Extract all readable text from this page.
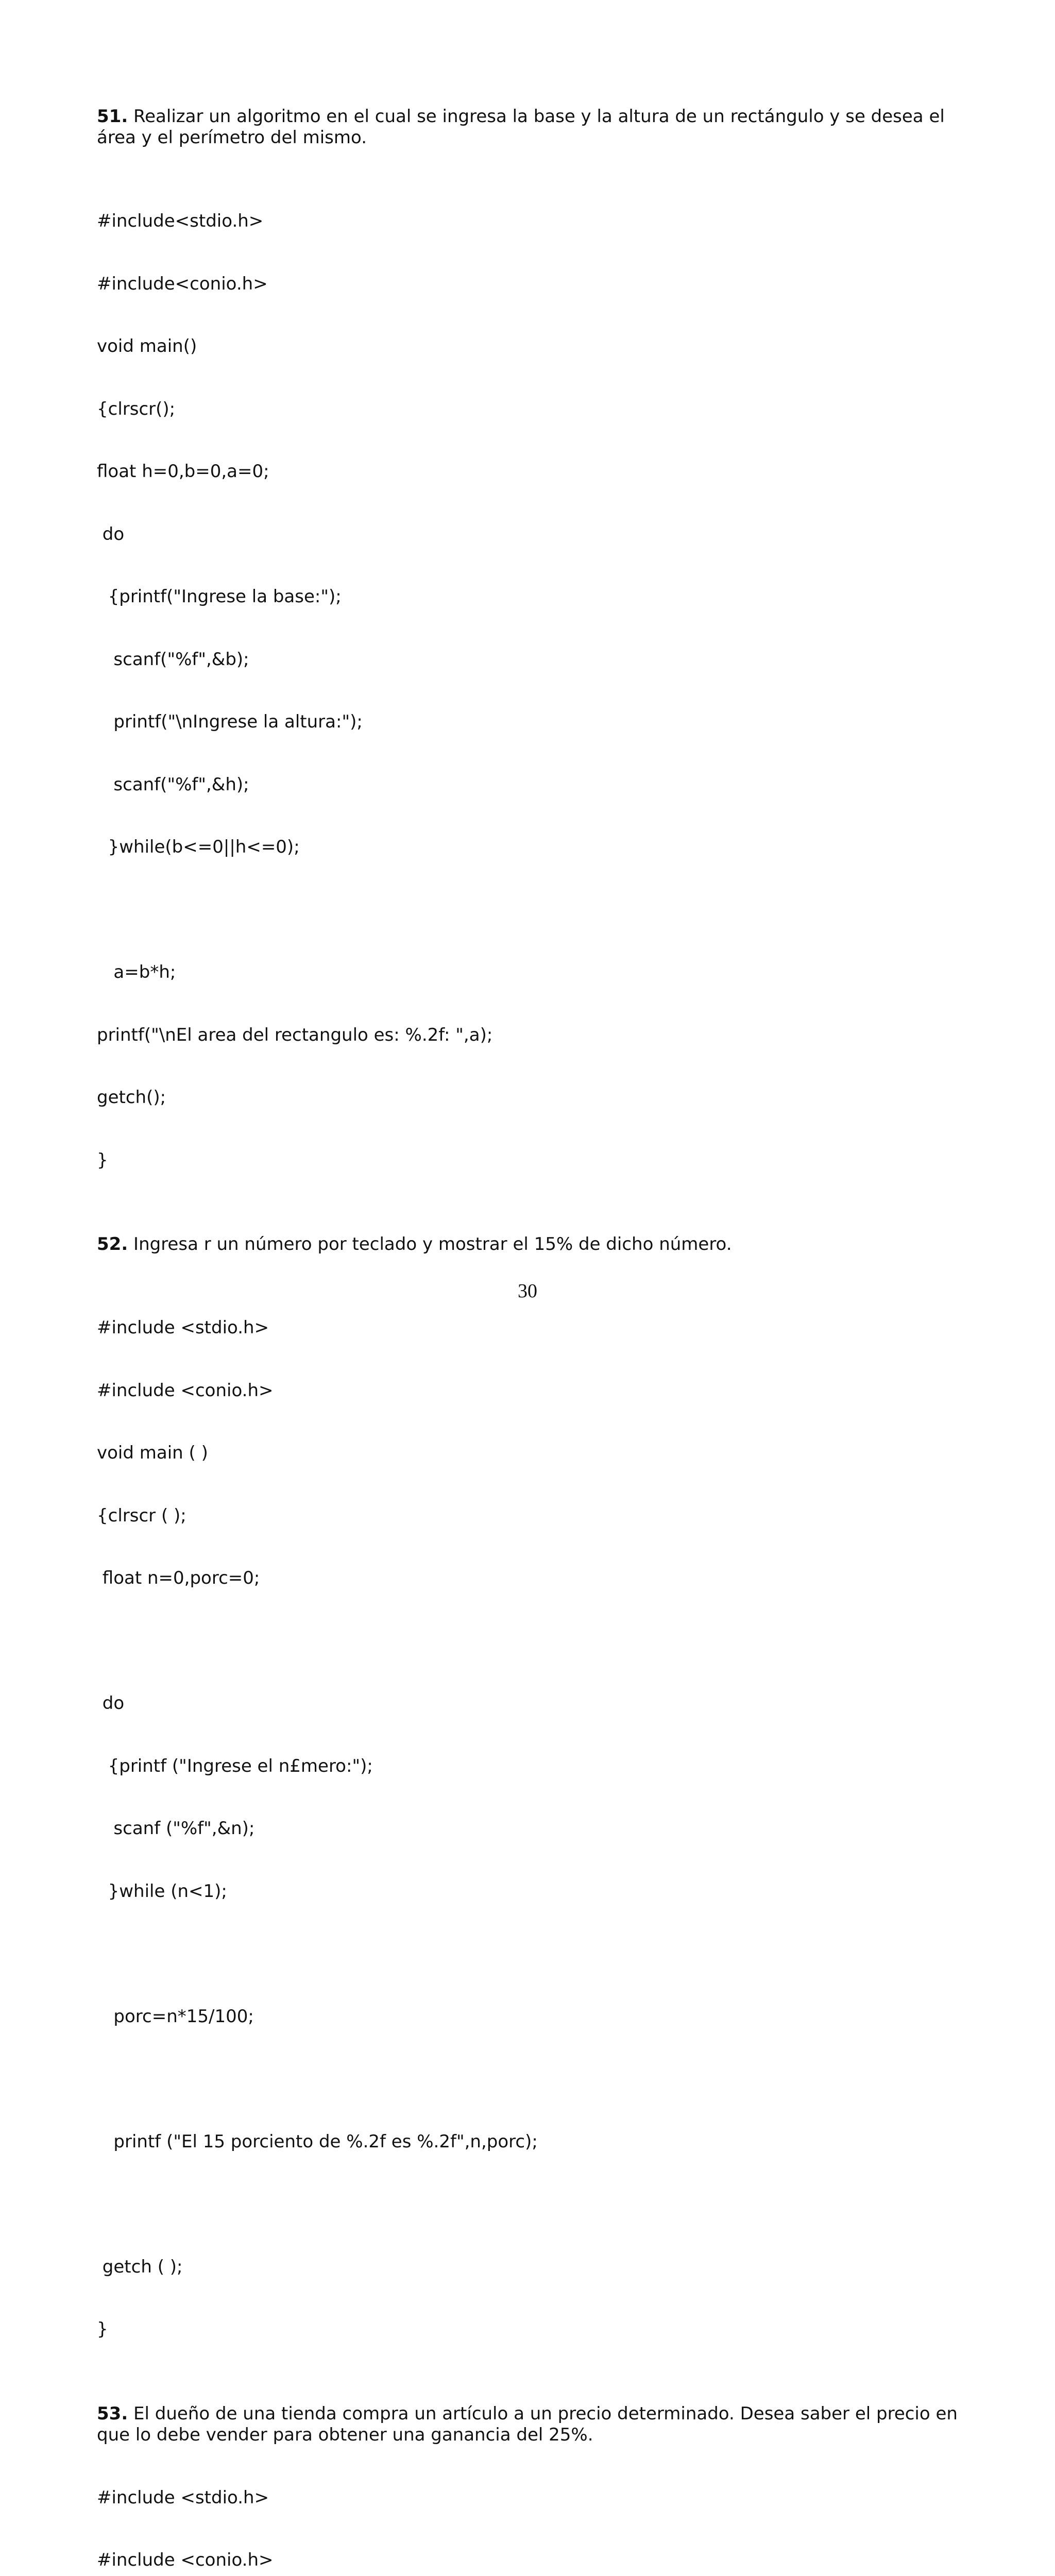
51. Realizar un algoritmo en el cual se ingresa la base y la altura de un rectángulo y se desea el área y el perímetro del mismo.

#include<stdio.h>

#include<conio.h>

void main()

{clrscr();

float h=0,b=0,a=0;

do

{printf("Ingrese la base:");

scanf("%f",&b);

printf("\nIngrese la altura:");

scanf("%f",&h);

}while(b<=0||h<=0);

a=b*h;

printf("\nEl area del rectangulo es: %.2f: ",a);

getch();

}

52. Ingresa r un número por teclado y mostrar el 15% de dicho número.

#include <stdio.h>

#include <conio.h>

void main ( )

{clrscr ( );

float n=0,porc=0;

do

{printf ("Ingrese el n£mero:");

scanf ("%f",&n);

}while (n<1);

porc=n*15/100;

printf ("El 15 porciento de %.2f es %.2f",n,porc);

getch ( );

}

53. El dueño de una tienda compra un artículo a un precio determinado. Desea saber el precio en que lo debe vender para obtener una ganancia del 25%.

#include <stdio.h>

#include <conio.h>

30
